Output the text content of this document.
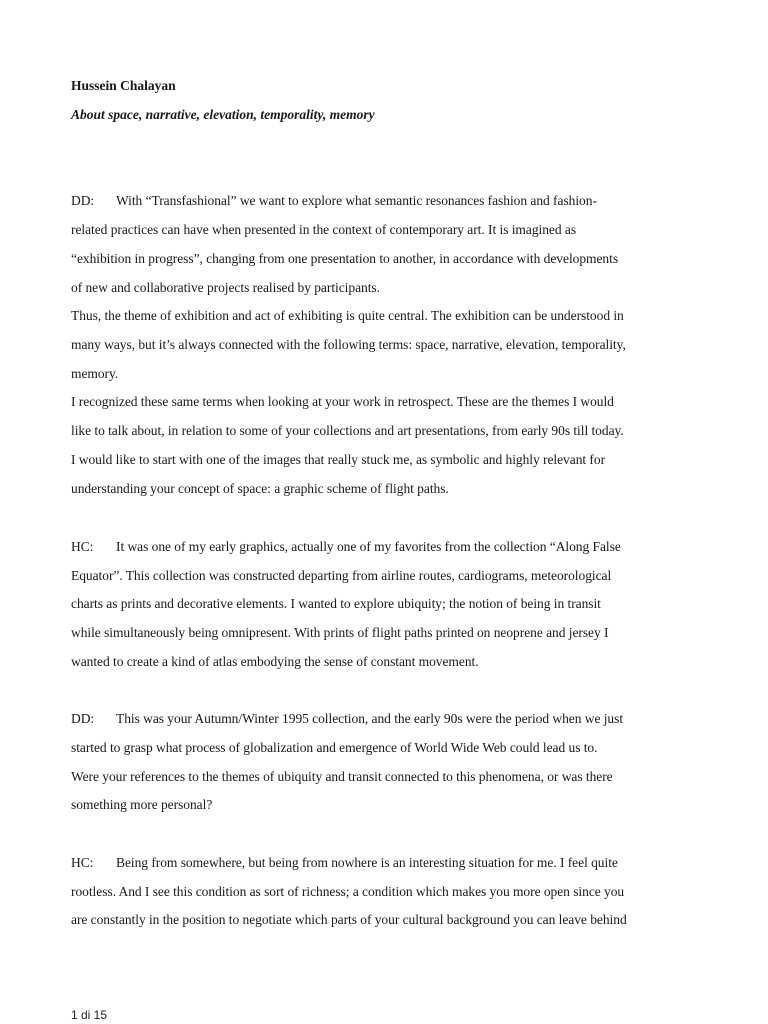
Hussein Chalayan
About space, narrative, elevation, temporality, memory
DD: With “Transfashional” we want to explore what semantic resonances fashion and fashion-
related practices can have when presented in the context of contemporary art. It is imagined as
“exhibition in progress”, changing from one presentation to another, in accordance with developments
of new and collaborative projects realised by participants.
Thus, the theme of exhibition and act of exhibiting is quite central. The exhibition can be understood in
many ways, but it’s always connected with the following terms: space, narrative, elevation, temporality,
memory.
I recognized these same terms when looking at your work in retrospect. These are the themes I would
like to talk about, in relation to some of your collections and art presentations, from early 90s till today.
I would like to start with one of the images that really stuck me, as symbolic and highly relevant for
understanding your concept of space: a graphic scheme of flight paths.
HC: It was one of my early graphics, actually one of my favorites from the collection “Along False
Equator”. This collection was constructed departing from airline routes, cardiograms, meteorological
charts as prints and decorative elements. I wanted to explore ubiquity; the notion of being in transit
while simultaneously being omnipresent. With prints of flight paths printed on neoprene and jersey I
wanted to create a kind of atlas embodying the sense of constant movement.
DD: This was your Autumn/Winter 1995 collection, and the early 90s were the period when we just
started to grasp what process of globalization and emergence of World Wide Web could lead us to.
Were your references to the themes of ubiquity and transit connected to this phenomena, or was there
something more personal?
HC: Being from somewhere, but being from nowhere is an interesting situation for me. I feel quite
rootless. And I see this condition as sort of richness; a condition which makes you more open since you
are constantly in the position to negotiate which parts of your cultural background you can leave behind
1 di 15
